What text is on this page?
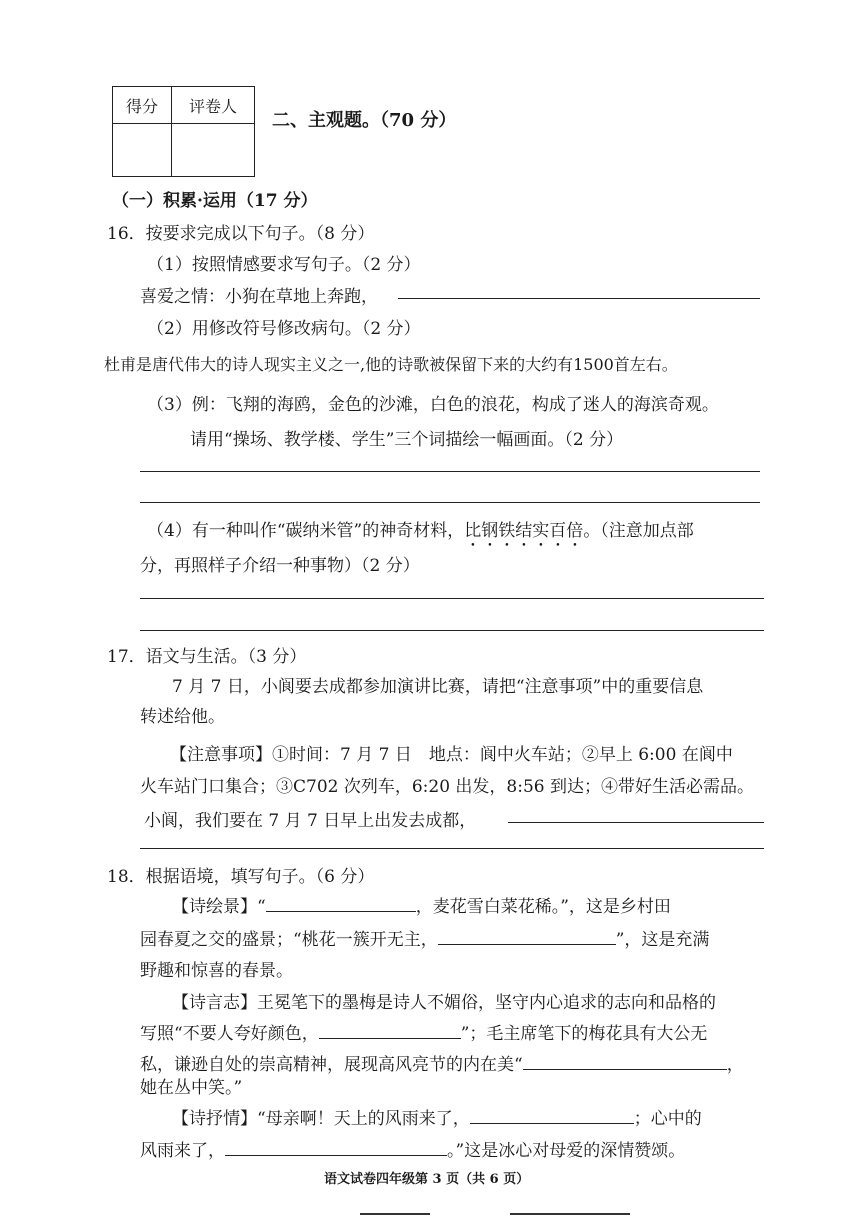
得分	评卷人

二、主观题。（70 分）
（一）积累·运用（17 分）
16．按要求完成以下句子。（8 分）
（1）按照情感要求写句子。（2 分）
喜爱之情：小狗在草地上奔跑，
（2）用修改符号修改病句。（2 分）
杜甫是唐代伟大的诗人现实主义之一,他的诗歌被保留下来的大约有1500首左右。
（3）例：飞翔的海鸥，金色的沙滩，白色的浪花，构成了迷人的海滨奇观。
请用“操场、教学楼、学生”三个词描绘一幅画面。（2 分）
（4）有一种叫作“碳纳米管”的神奇材料，比钢铁结实百倍。（注意加点部
分，再照样子介绍一种事物）（2 分）
17．语文与生活。（3 分）
7 月 7 日，小阆要去成都参加演讲比赛，请把“注意事项”中的重要信息
转述给他。
【注意事项】①时间：7 月 7 日　地点：阆中火车站；②早上 6:00 在阆中
火车站门口集合；③C702 次列车，6:20 出发，8:56 到达；④带好生活必需品。
小阆，我们要在 7 月 7 日早上出发去成都，
18．根据语境，填写句子。（6 分）
【诗绘景】“	，麦花雪白菜花稀。”，这是乡村田
园春夏之交的盛景；“桃花一簇开无主，	”，这是充满
野趣和惊喜的春景。
【诗言志】王冕笔下的墨梅是诗人不媚俗，坚守内心追求的志向和品格的
写照“不要人夸好颜色，	”；毛主席笔下的梅花具有大公无
私，谦逊自处的崇高精神，展现高风亮节的内在美“	，
她在丛中笑。”
【诗抒情】“母亲啊！天上的风雨来了，	；心中的
风雨来了，	。”这是冰心对母爱的深情赞颂。
语文试卷四年级第 3 页（共 6 页）
